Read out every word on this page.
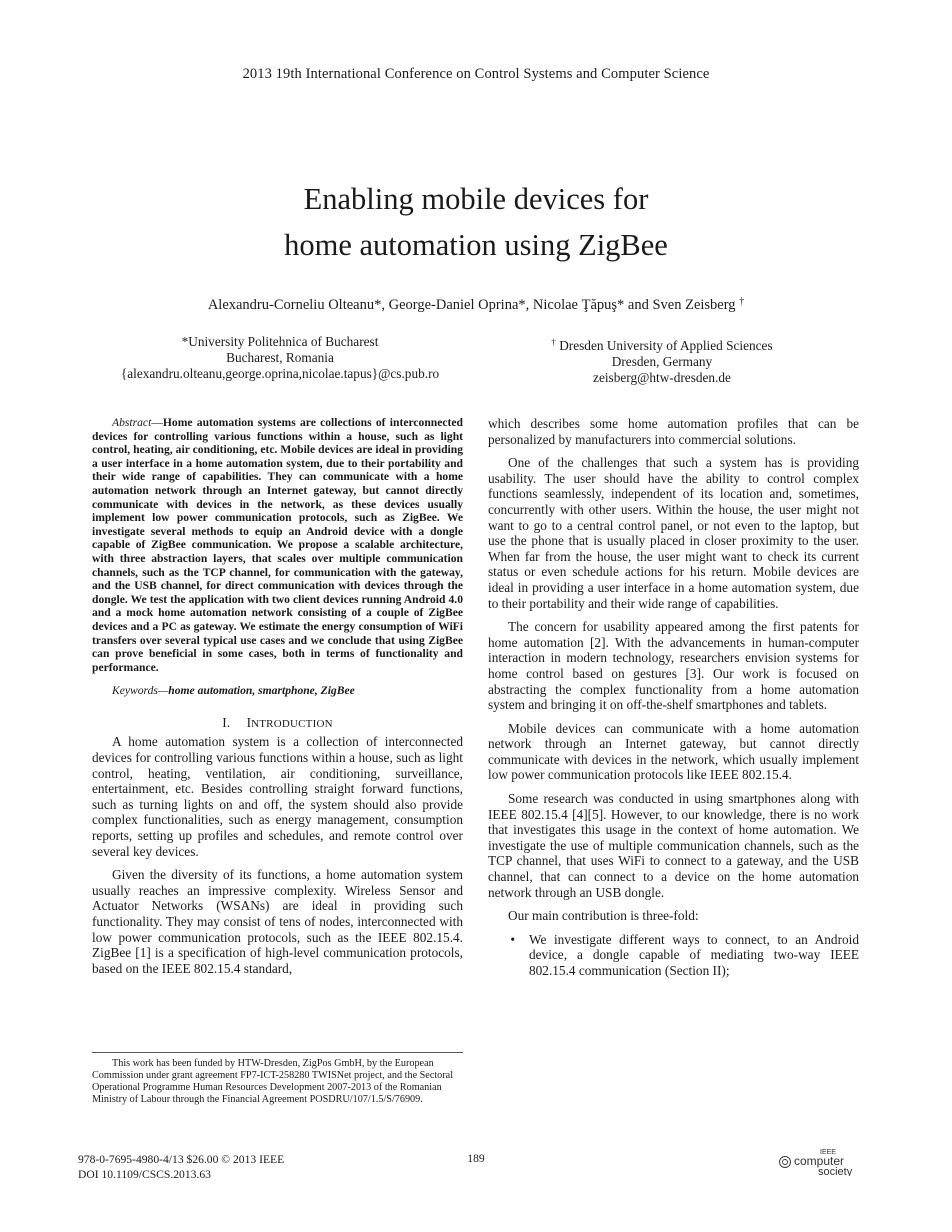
2013 19th International Conference on Control Systems and Computer Science
Enabling mobile devices for
home automation using ZigBee
Alexandru-Corneliu Olteanu*, George-Daniel Oprina*, Nicolae Ţăpuş* and Sven Zeisberg †
*University Politehnica of Bucharest
Bucharest, Romania
{alexandru.olteanu,george.oprina,nicolae.tapus}@cs.pub.ro
† Dresden University of Applied Sciences
Dresden, Germany
zeisberg@htw-dresden.de

Abstract—Home automation systems are collections of interconnected devices for controlling various functions within a house, such as light control, heating, air conditioning, etc. Mobile devices are ideal in providing a user interface in a home automation system, due to their portability and their wide range of capabilities. They can communicate with a home automation network through an Internet gateway, but cannot directly communicate with devices in the network, as these devices usually implement low power communication protocols, such as ZigBee. We investigate several methods to equip an Android device with a dongle capable of ZigBee communication. We propose a scalable architecture, with three abstraction layers, that scales over multiple communication channels, such as the TCP channel, for communication with the gateway, and the USB channel, for direct communication with devices through the dongle. We test the application with two client devices running Android 4.0 and a mock home automation network consisting of a couple of ZigBee devices and a PC as gateway. We estimate the energy consumption of WiFi transfers over several typical use cases and we conclude that using ZigBee can prove beneficial in some cases, both in terms of functionality and performance.

Keywords—home automation, smartphone, ZigBee

I. INTRODUCTION

A home automation system is a collection of interconnected devices for controlling various functions within a house, such as light control, heating, ventilation, air conditioning, surveillance, entertainment, etc. Besides controlling straight forward functions, such as turning lights on and off, the system should also provide complex functionalities, such as energy management, consumption reports, setting up profiles and schedules, and remote control over several key devices.

Given the diversity of its functions, a home automation system usually reaches an impressive complexity. Wireless Sensor and Actuator Networks (WSANs) are ideal in providing such functionality. They may consist of tens of nodes, interconnected with low power communication protocols, such as the IEEE 802.15.4. ZigBee [1] is a specification of high-level communication protocols, based on the IEEE 802.15.4 standard,

which describes some home automation profiles that can be personalized by manufacturers into commercial solutions.

One of the challenges that such a system has is providing usability. The user should have the ability to control complex functions seamlessly, independent of its location and, sometimes, concurrently with other users. Within the house, the user might not want to go to a central control panel, or not even to the laptop, but use the phone that is usually placed in closer proximity to the user. When far from the house, the user might want to check its current status or even schedule actions for his return. Mobile devices are ideal in providing a user interface in a home automation system, due to their portability and their wide range of capabilities.

The concern for usability appeared among the first patents for home automation [2]. With the advancements in human-computer interaction in modern technology, researchers envision systems for home control based on gestures [3]. Our work is focused on abstracting the complex functionality from a home automation system and bringing it on off-the-shelf smartphones and tablets.

Mobile devices can communicate with a home automation network through an Internet gateway, but cannot directly communicate with devices in the network, which usually implement low power communication protocols like IEEE 802.15.4.

Some research was conducted in using smartphones along with IEEE 802.15.4 [4][5]. However, to our knowledge, there is no work that investigates this usage in the context of home automation. We investigate the use of multiple communication channels, such as the TCP channel, that uses WiFi to connect to a gateway, and the USB channel, that can connect to a device on the home automation network through an USB dongle.

Our main contribution is three-fold:

•	We investigate different ways to connect, to an Android device, a dongle capable of mediating two-way IEEE 802.15.4 communication (Section II);
This work has been funded by HTW-Dresden, ZigPos GmbH, by the European Commission under grant agreement FP7-ICT-258280 TWISNet project, and the Sectoral Operational Programme Human Resources Development 2007-2013 of the Romanian Ministry of Labour through the Financial Agreement POSDRU/107/1.5/S/76909.
978-0-7695-4980-4/13 $26.00 © 2013 IEEE
DOI 10.1109/CSCS.2013.63
189	IEEE
computer
society
